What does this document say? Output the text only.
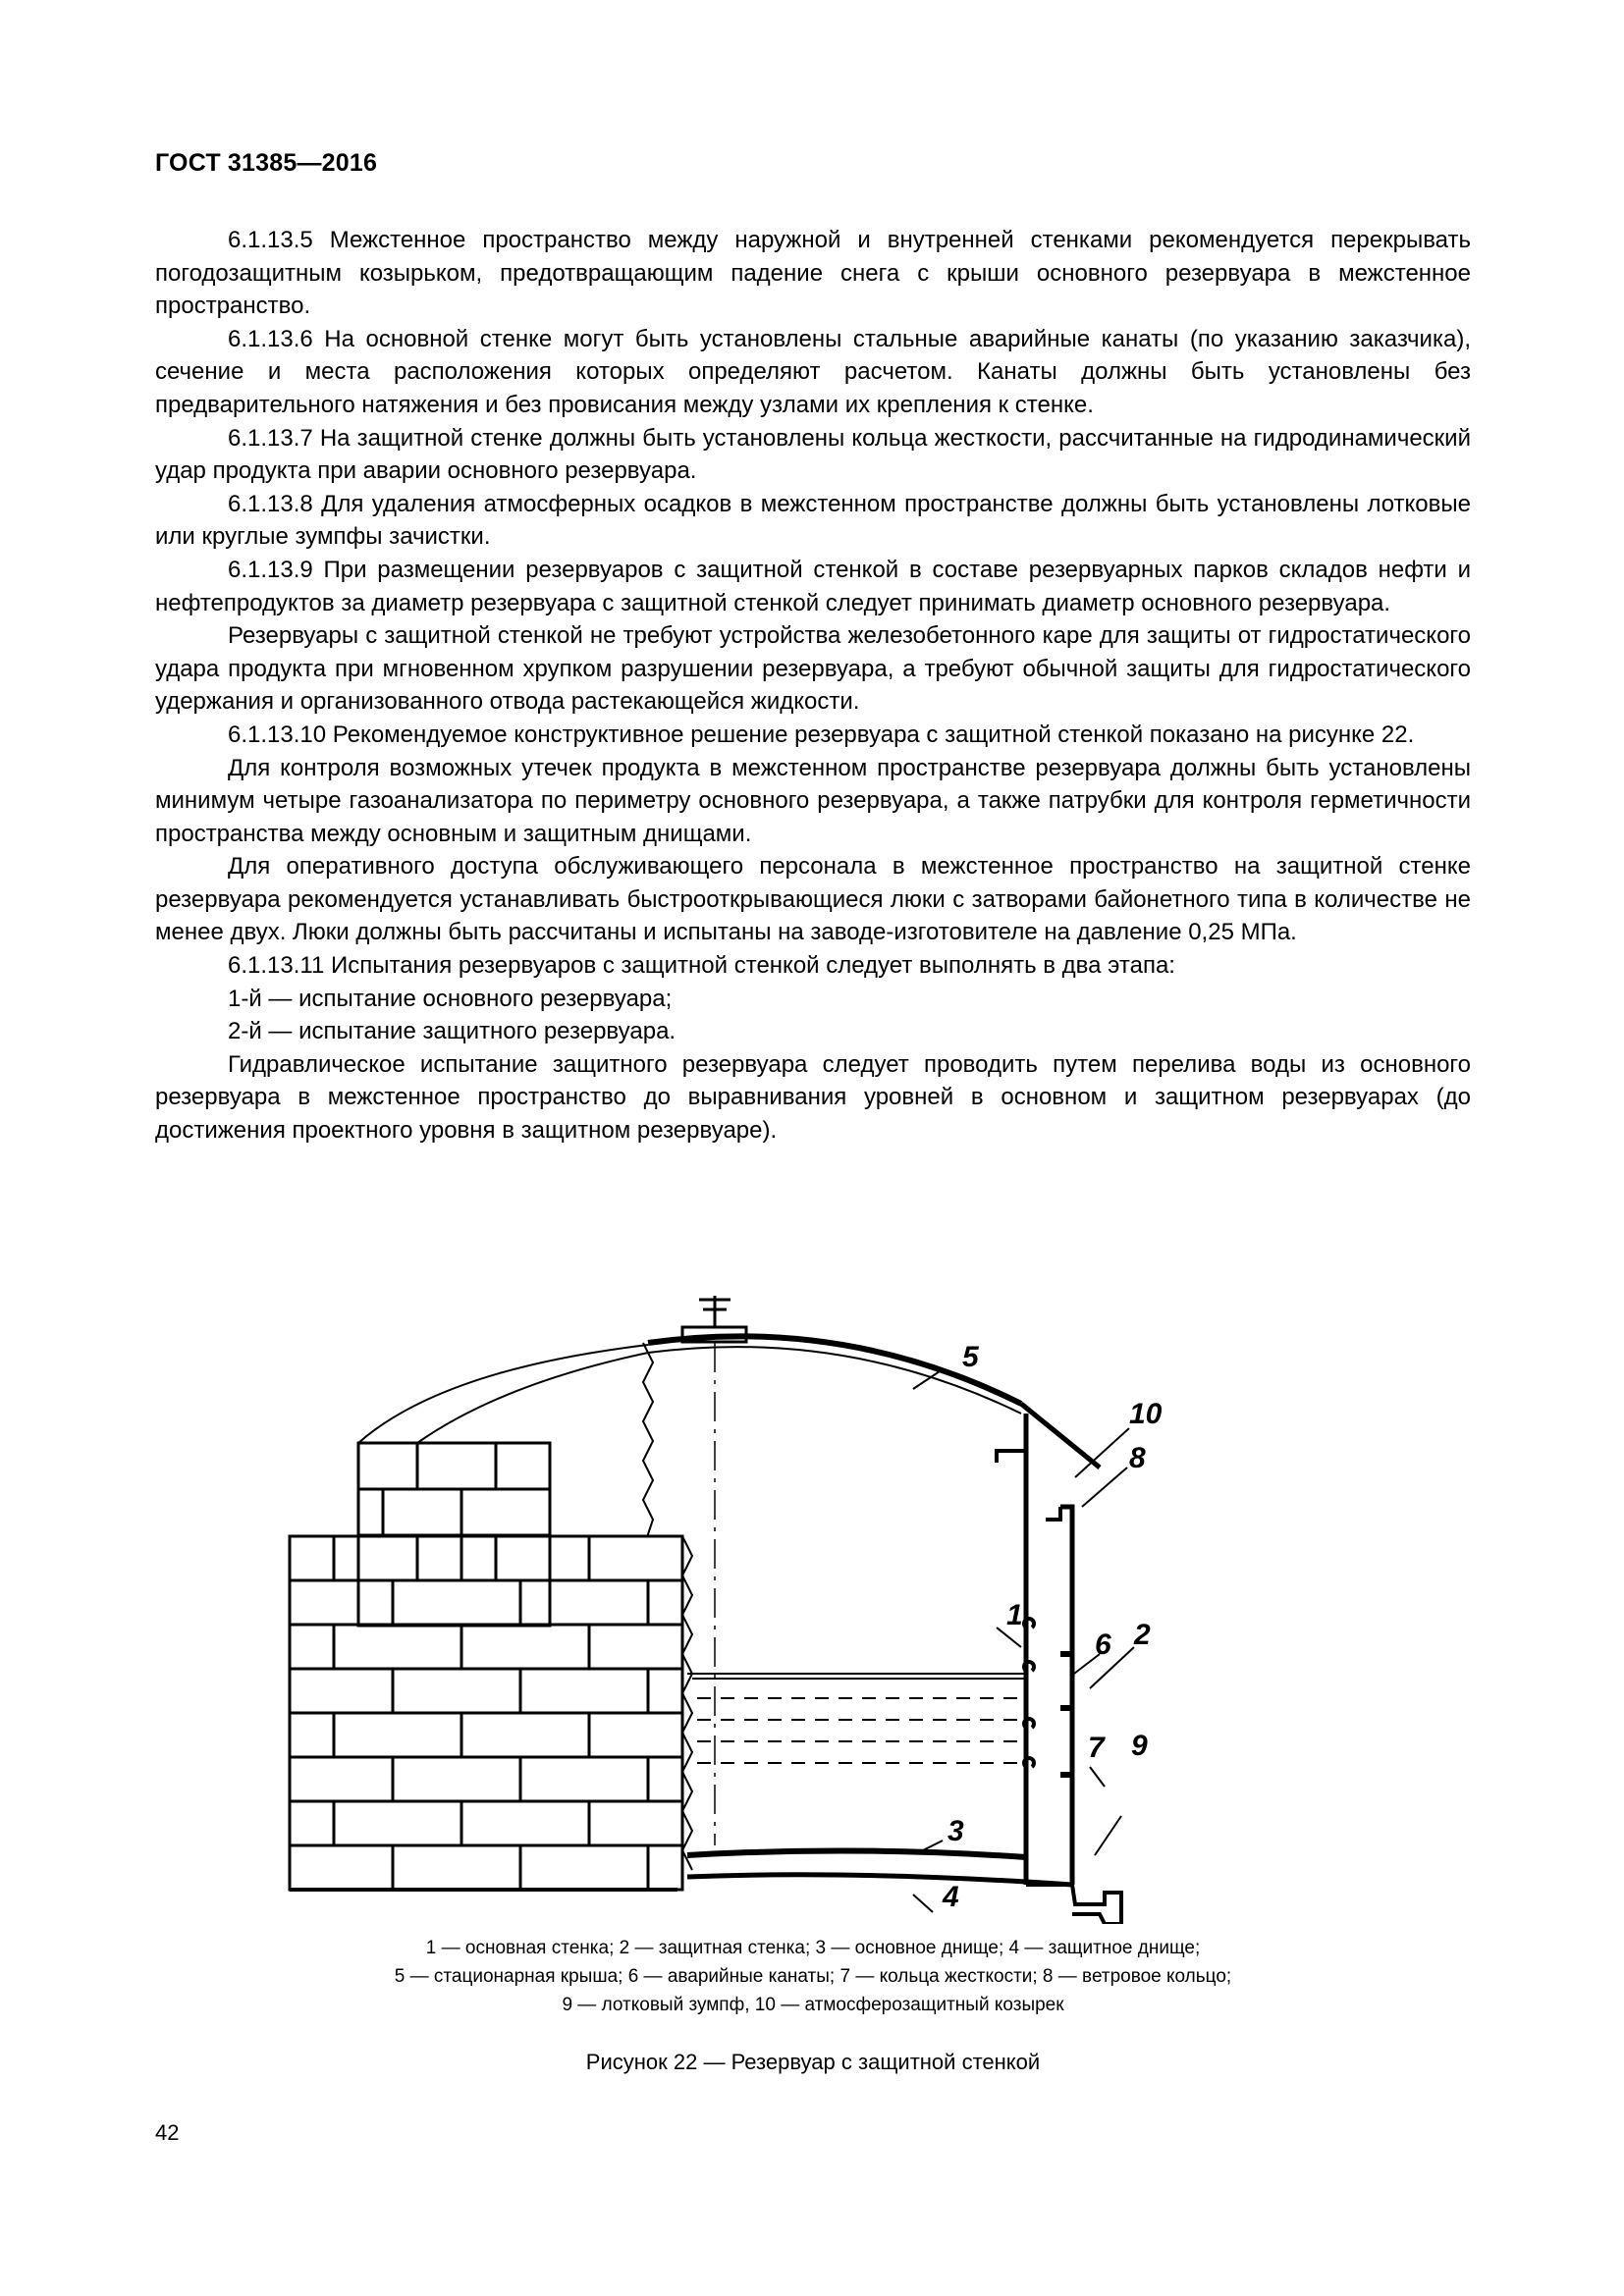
ГОСТ 31385—2016

6.1.13.5 Межстенное пространство между наружной и внутренней стенками рекомендуется перекрывать погодозащитным козырьком, предотвращающим падение снега с крыши основного резервуара в межстенное пространство.

6.1.13.6 На основной стенке могут быть установлены стальные аварийные канаты (по указанию заказчика), сечение и места расположения которых определяют расчетом. Канаты должны быть установлены без предварительного натяжения и без провисания между узлами их крепления к стенке.

6.1.13.7 На защитной стенке должны быть установлены кольца жесткости, рассчитанные на гидродинамический удар продукта при аварии основного резервуара.

6.1.13.8 Для удаления атмосферных осадков в межстенном пространстве должны быть установлены лотковые или круглые зумпфы зачистки.

6.1.13.9 При размещении резервуаров с защитной стенкой в составе резервуарных парков складов нефти и нефтепродуктов за диаметр резервуара с защитной стенкой следует принимать диаметр основного резервуара.

Резервуары с защитной стенкой не требуют устройства железобетонного каре для защиты от гидростатического удара продукта при мгновенном хрупком разрушении резервуара, а требуют обычной защиты для гидростатического удержания и организованного отвода растекающейся жидкости.

6.1.13.10 Рекомендуемое конструктивное решение резервуара с защитной стенкой показано на рисунке 22.

Для контроля возможных утечек продукта в межстенном пространстве резервуара должны быть установлены минимум четыре газоанализатора по периметру основного резервуара, а также патрубки для контроля герметичности пространства между основным и защитным днищами.

Для оперативного доступа обслуживающего персонала в межстенное пространство на защитной стенке резервуара рекомендуется устанавливать быстрооткрывающиеся люки с затворами байонетного типа в количестве не менее двух. Люки должны быть рассчитаны и испытаны на заводе-изготовителе на давление 0,25 МПа.

6.1.13.11 Испытания резервуаров с защитной стенкой следует выполнять в два этапа:

1-й — испытание основного резервуара;

2-й — испытание защитного резервуара.

Гидравлическое испытание защитного резервуара следует проводить путем перелива воды из основного резервуара в межстенное пространство до выравнивания уровней в основном и защитном резервуарах (до достижения проектного уровня в защитном резервуаре).

5
10
8
1
6 2
7 9
3
4
1 — основная стенка; 2 — защитная стенка; 3 — основное днище; 4 — защитное днище;
5 — стационарная крыша; 6 — аварийные канаты; 7 — кольца жесткости; 8 — ветровое кольцо;
9 — лотковый зумпф, 10 — атмосферозащитный козырек
Рисунок 22 — Резервуар с защитной стенкой
42
